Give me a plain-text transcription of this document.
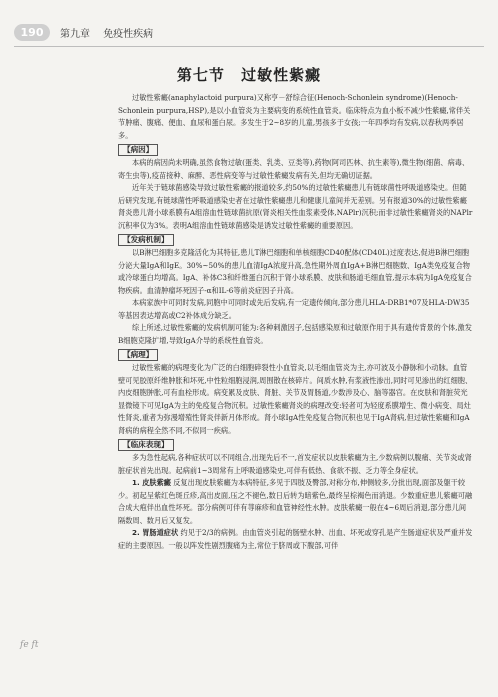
190	第九章 免疫性疾病
第七节 过敏性紫癜

过敏性紫癜(anaphylactoid purpura)又称亨－舒综合征(Henoch-Schonlein syndrome)(Henoch-Schonlein purpura,HSP),是以小血管炎为主要病变的系统性血管炎。临床特点为血小板不减少性紫癜,常伴关节肿痛、腹痛、便血、血尿和蛋白尿。多发生于2~8岁的儿童,男孩多于女孩;一年四季均有发病,以春秋两季居多。

【病因】

本病的病因尚未明确,虽然食物过敏(蛋类、乳类、豆类等),药物(阿司匹林、抗生素等),微生物(细菌、病毒、寄生虫等),疫苗接种、麻醉、恶性病变等与过敏性紫癜发病有关,但均无确切证据。

近年关于链球菌感染导致过敏性紫癜的报道较多,约50%的过敏性紫癜患儿有链球菌性呼吸道感染史。但随后研究发现,有链球菌性呼吸道感染史者在过敏性紫癜患儿和健康儿童间并无差别。另有报道30%的过敏性紫癜肾炎患儿肾小球系膜有A组溶血性链球菌抗原(肾炎相关性血浆素受体,NAPlr)沉积;而非过敏性紫癜肾炎的NAPlr沉积率仅为3%。表明A组溶血性链球菌感染是诱发过敏性紫癜的重要原因。

【发病机制】

以B淋巴细胞多克隆活化为其特征,患儿T淋巴细胞和单核细胞CD40配体(CD40L)过度表达,促进B淋巴细胞分泌大量IgA和IgE。30%~50%的患儿血清IgA浓度升高,急性期外周血IgA+B淋巴细胞数、IgA类免疫复合物或冷球蛋白均增高。IgA、补体C3和纤维蛋白沉积于肾小球系膜、皮肤和肠道毛细血管,提示本病为IgA免疫复合物疾病。血清肿瘤坏死因子-α和IL-6等前炎症因子升高。

本病家族中可同时发病,同胞中可同时或先后发病,有一定遗传倾向,部分患儿HLA-DRB1*07及HLA-DW35等基因表达增高或C2补体成分缺乏。

综上所述,过敏性紫癜的发病机制可能为:各种刺激因子,包括感染原和过敏原作用于具有遗传背景的个体,激发B细胞克隆扩增,导致IgA介导的系统性血管炎。

【病理】

过敏性紫癜的病理变化为广泛的白细胞碎裂性小血管炎,以毛细血管炎为主,亦可波及小静脉和小动脉。血管壁可见胶原纤维肿胀和坏死,中性粒细胞浸润,周围散在核碎片。间质水肿,有浆液性渗出,同时可见渗出的红细胞、内皮细胞肿胀,可有血栓形成。病变累及皮肤、肾脏、关节及胃肠道,少数涉及心、脑等器官。在皮肤和肾脏荧光显微镜下可见IgA为主的免疫复合物沉积。过敏性紫癜肾炎的病理改变:轻者可为轻度系膜增生、微小病变、局灶性肾炎,重者为弥漫增殖性肾炎伴新月体形成。肾小球IgA性免疫复合物沉积也见于IgA肾病,但过敏性紫癜和IgA肾病的病程全然不同,不似同一疾病。

【临床表现】

多为急性起病,各种症状可以不同组合,出现先后不一,首发症状以皮肤紫癜为主,少数病例以腹痛、关节炎或肾脏症状首先出现。起病前1~3周常有上呼吸道感染史,可伴有低热、食欲不振、乏力等全身症状。

1. 皮肤紫癜 反复出现皮肤紫癜为本病特征,多见于四肢及臀部,对称分布,伸侧较多,分批出现,面部及躯干较少。初起呈紫红色斑丘疹,高出皮面,压之不褪色,数日后转为暗紫色,最终呈棕褐色而消退。少数重症患儿紫癜可融合成大疱伴出血性坏死。部分病例可伴有荨麻疹和血管神经性水肿。皮肤紫癜一般在4~6周后消退,部分患儿间隔数周、数月后又复发。

2. 胃肠道症状 约见于2/3的病例。由血管炎引起的肠壁水肿、出血、坏死或穿孔是产生肠道症状及严重并发症的主要原因。一般以阵发性剧烈腹痛为主,常位于脐周或下腹部,可伴

fe ft
